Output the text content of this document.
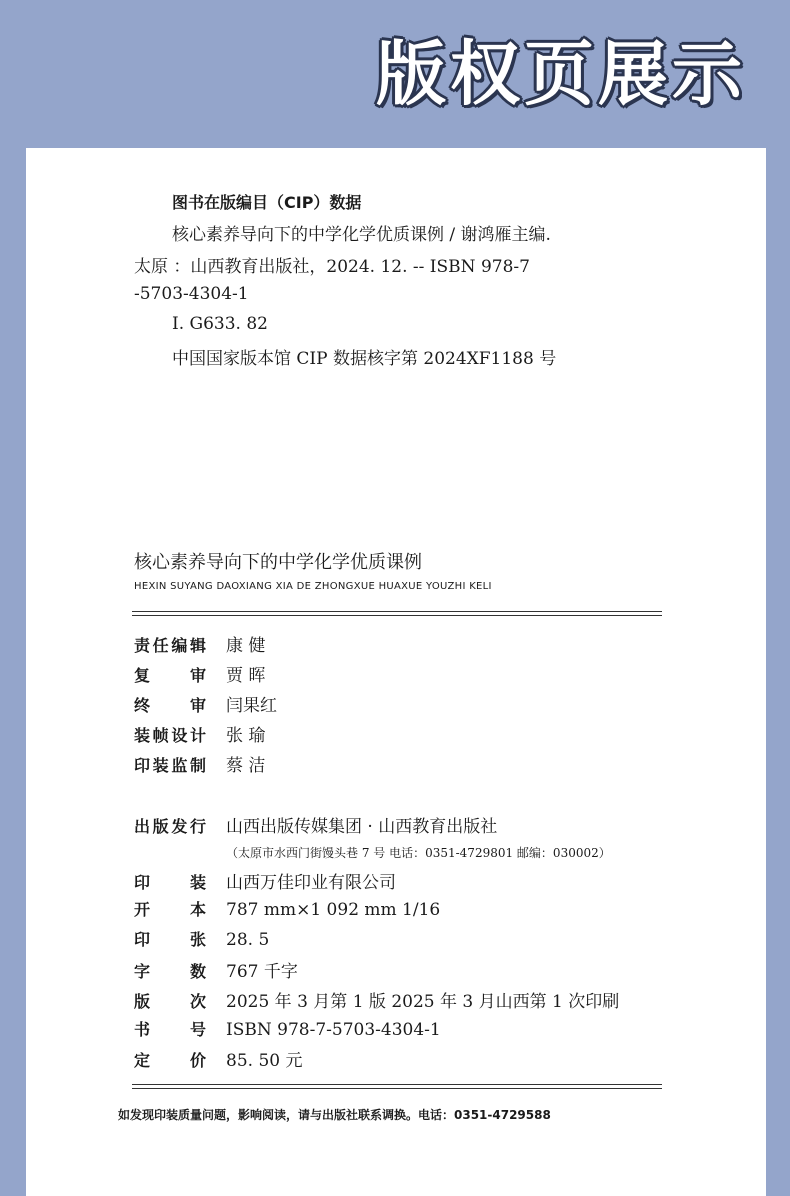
版权页展示
图书在版编目（CIP）数据
核心素养导向下的中学化学优质课例 / 谢鸿雁主编.
太原 ：山西教育出版社，2024. 12. -- ISBN 978-7
-5703-4304-1
Ⅰ. G633. 82
中国国家版本馆 CIP 数据核字第 2024XF1188 号
核心素养导向下的中学化学优质课例
HEXIN SUYANG DAOXIANG XIA DE ZHONGXUE HUAXUE YOUZHI KELI
责任编辑 康 健
复审 贾 晖
终审 闫果红
装帧设计 张 瑜
印装监制 蔡 洁
出版发行 山西出版传媒集团 · 山西教育出版社
（太原市水西门街馒头巷 7 号 电话：0351-4729801 邮编：030002）
印装 山西万佳印业有限公司
开本 787 mm×1 092 mm 1/16
印张 28. 5
字数 767 千字
版次 2025 年 3 月第 1 版 2025 年 3 月山西第 1 次印刷
书号 ISBN 978-7-5703-4304-1
定价 85. 50 元
如发现印装质量问题，影响阅读，请与出版社联系调换。电话：0351-4729588
